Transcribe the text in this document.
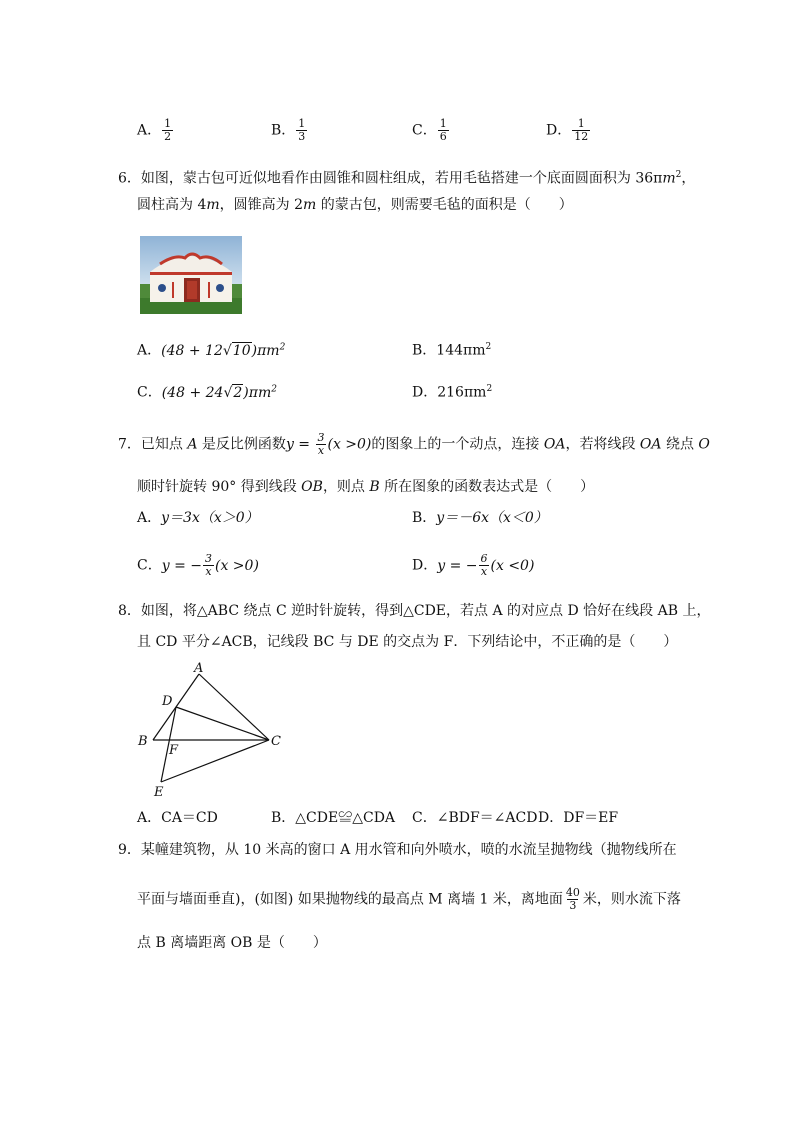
A． $\frac{1}{2}$	B． $\frac{1}{3}$	C． $\frac{1}{6}$	D． $\frac{1}{12}$
6．如图，蒙古包可近似地看作由圆锥和圆柱组成，若用毛毡搭建一个底面圆面积为 $36\pi m^2$，
圆柱高为 4m，圆锥高为 2m 的蒙古包，则需要毛毡的面积是（　　）
A．$(48 + 12√10)\pi m^2$	B．$144\pi m^2$
C．$(48 + 24√2)\pi m^2$	D．$216\pi m^2$
7．已知点 A 是反比例函数$y = \frac{3}{x} (x >0)$的图象上的一个动点，连接 OA，若将线段 OA 绕点 O
顺时针旋转 90° 得到线段 OB，则点 B 所在图象的函数表达式是（　　）
A．y＝3x（x＞0）	B．y＝－6x（x＜0）
C．y = − $\frac{3}{x} (x >0)$	D．y = − $\frac{6}{x} (x <0)$
8．如图，将△ABC 绕点 C 逆时针旋转，得到△CDE，若点 A 的对应点 D 恰好在线段 AB 上，
且 CD 平分∠ACB，记线段 BC 与 DE 的交点为 F．下列结论中，不正确的是（　　）
A
D
B
F
C
E
A．CA＝CD	B．△CDE≌△CDA C．∠BDF＝∠ACD D．DF＝EF
9．某幢建筑物，从 10 米高的窗口 A 用水管和向外喷水，喷的水流呈抛物线（抛物线所在
平面与墙面垂直)，(如图) 如果抛物线的最高点 M 离墙 1 米，离地面 $\frac{40}{3}$ 米，则水流下落
点 B 离墙距离 OB 是（　　）
